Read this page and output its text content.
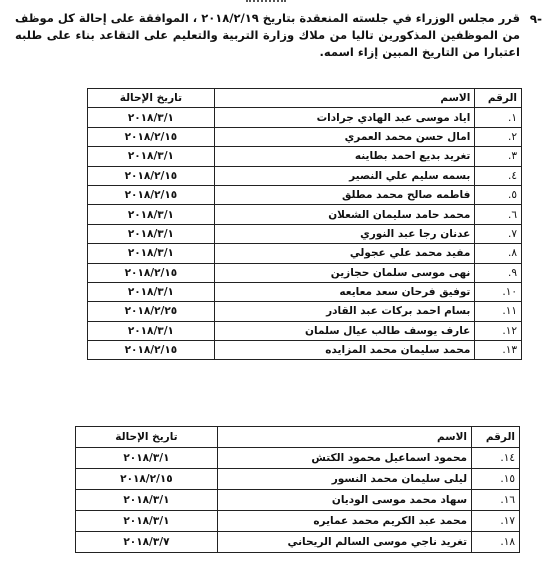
٩-
قرر مجلس الوزراء في جلسته المنعقدة بتاريخ ٢٠١٨/٢/١٩ ، الموافقة على إحالة كل موظف من الموظفين المذكورين تاليا من ملاك وزارة التربية والتعليم على التقاعد بناء على طلبه اعتبارا من التاريخ المبين إزاء اسمه.
الرقم	الاسم	تاريخ الإحالة
١.	اياد موسى عبد الهادي جرادات	٢٠١٨/٣/١
٢.	امال حسن محمد العمري	٢٠١٨/٢/١٥
٣.	تغريد بديع احمد بطاينه	٢٠١٨/٣/١
٤.	بسمه سليم علي النصير	٢٠١٨/٢/١٥
٥.	فاطمه صالح محمد مطلق	٢٠١٨/٢/١٥
٦.	محمد حامد سليمان الشعلان	٢٠١٨/٣/١
٧.	عدنان رجا عبد النوري	٢٠١٨/٣/١
٨.	مفيد محمد علي عجولي	٢٠١٨/٣/١
٩.	نهى موسى سلمان حجازين	٢٠١٨/٢/١٥
١٠.	توفيق فرحان سعد معايعه	٢٠١٨/٣/١
١١.	بسام احمد بركات عبد القادر	٢٠١٨/٢/٢٥
١٢.	عارف يوسف طالب عيال سلمان	٢٠١٨/٣/١
١٣.	محمد سليمان محمد المزايده	٢٠١٨/٢/١٥
الرقم	الاسم	تاريخ الإحالة
١٤.	محمود اسماعيل محمود الكتش	٢٠١٨/٣/١
١٥.	ليلى سليمان محمد النسور	٢٠١٨/٢/١٥
١٦.	سهاد محمد موسى الوديان	٢٠١٨/٣/١
١٧.	محمد عبد الكريم محمد عمايره	٢٠١٨/٣/١
١٨.	تغريد ناجي موسى السالم الريحاني	٢٠١٨/٣/٧
